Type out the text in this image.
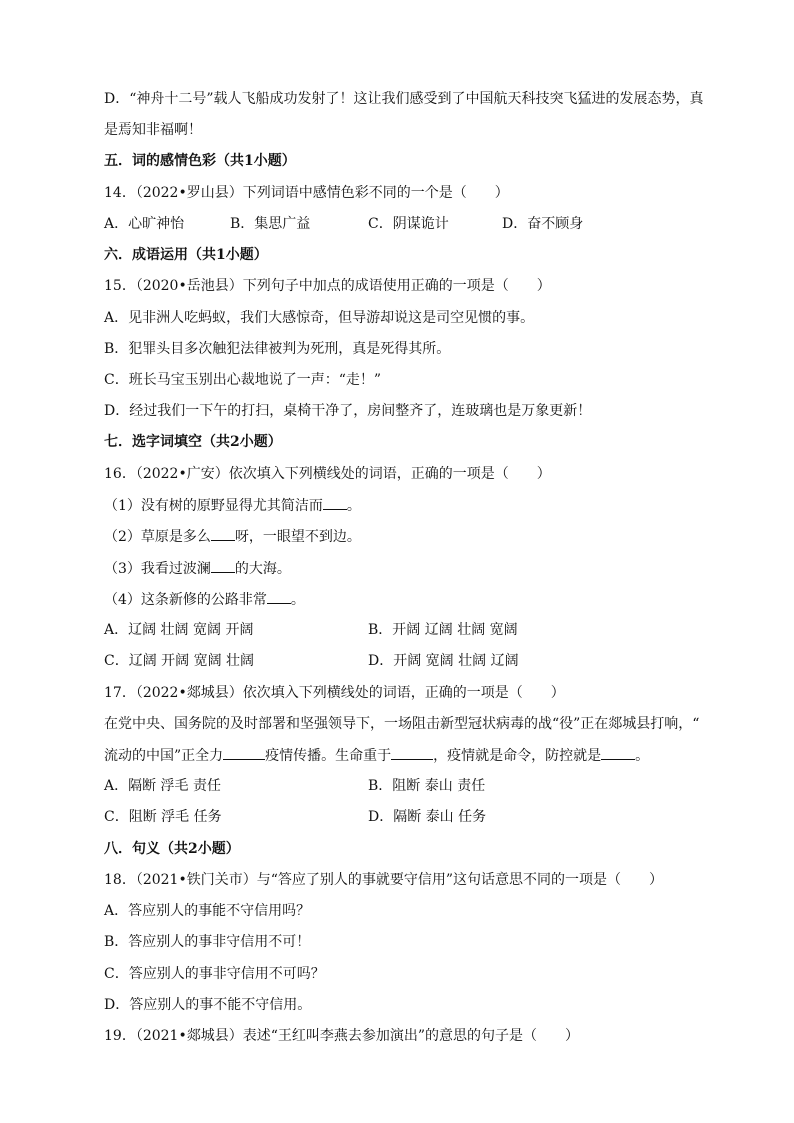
D．“神舟十二号”载人飞船成功发射了！这让我们感受到了中国航天科技突飞猛进的发展态势，真
是焉知非福啊！
五．词的感情色彩（共1小题）
14．（2022•罗山县）下列词语中感情色彩不同的一个是（　　）
A．心旷神怡	B．集思广益	C．阴谋诡计	D．奋不顾身
六．成语运用（共1小题）
15．（2020•岳池县）下列句子中加点的成语使用正确的一项是（　　）
A．见非洲人吃蚂蚁，我们大感惊奇，但导游却说这是司空见惯的事。
B．犯罪头目多次触犯法律被判为死刑，真是死得其所。
C．班长马宝玉别出心裁地说了一声：“走！”
D．经过我们一下午的打扫，桌椅干净了，房间整齐了，连玻璃也是万象更新！
七．选字词填空（共2小题）
16．（2022•广安）依次填入下列横线处的词语，正确的一项是（　　）
（1）没有树的原野显得尤其简洁而 。
（2）草原是多么 呀，一眼望不到边。
（3）我看过波澜 的大海。
（4）这条新修的公路非常 。
A．辽阔 壮阔 宽阔 开阔	B．开阔 辽阔 壮阔 宽阔
C．辽阔 开阔 宽阔 壮阔	D．开阔 宽阔 壮阔 辽阔
17．（2022•郯城县）依次填入下列横线处的词语，正确的一项是（　　）
在党中央、国务院的及时部署和坚强领导下，一场阻击新型冠状病毒的战“役”正在郯城县打响，“
流动的中国”正全力	疫情传播。生命重于	，疫情就是命令，防控就是 。
A．隔断 浮毛 责任	B．阻断 泰山 责任
C．阻断 浮毛 任务	D．隔断 泰山 任务
八．句义（共2小题）
18．（2021•铁门关市）与“答应了别人的事就要守信用”这句话意思不同的一项是（　　）
A．答应别人的事能不守信用吗？
B．答应别人的事非守信用不可！
C．答应别人的事非守信用不可吗？
D．答应别人的事不能不守信用。
19．（2021•郯城县）表述“王红叫李燕去参加演出”的意思的句子是（　　）
